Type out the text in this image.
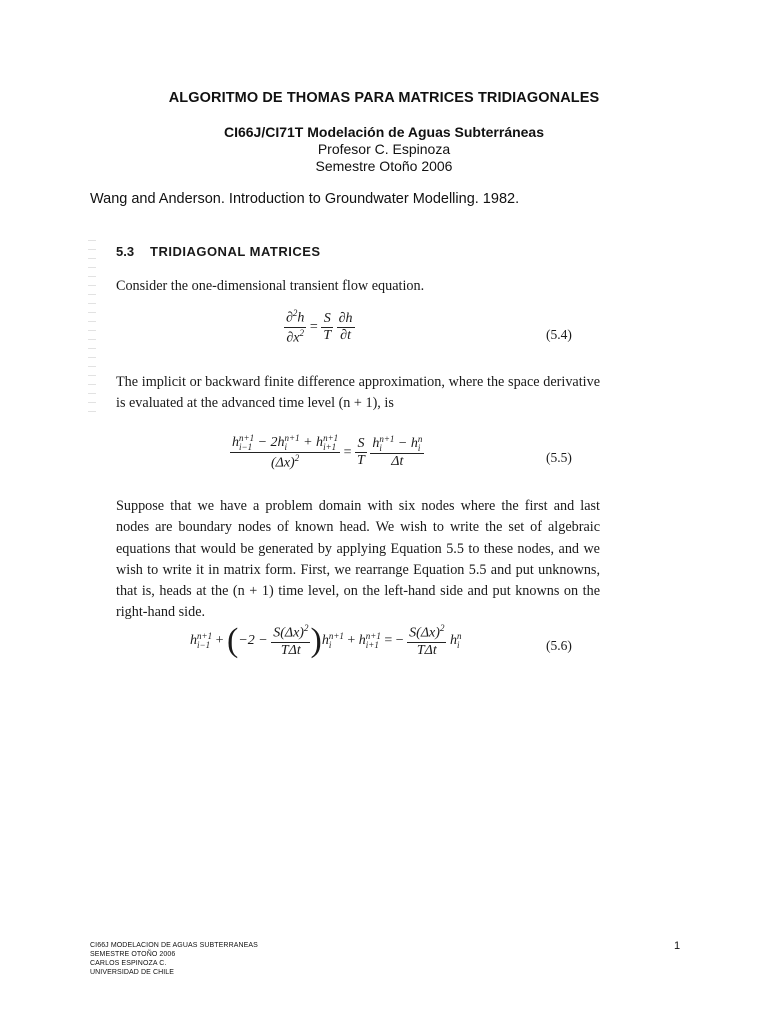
ALGORITMO DE THOMAS PARA MATRICES TRIDIAGONALES
CI66J/CI71T Modelación de Aguas Subterráneas
Profesor C. Espinoza
Semestre Otoño 2006
Wang and Anderson. Introduction to Groundwater Modelling. 1982.
5.3 TRIDIAGONAL MATRICES
Consider the one-dimensional transient flow equation.
$\frac{\partial^2h}{\partial x^2} = \frac{S}{T}$
$\frac{\partial h}{\partial t}$	(5.4)
The implicit or backward finite difference approximation, where the space derivative is evaluated at the advanced time level (n + 1), is
h n+1
i−1 − 2h n+1
i + h n+1
i+1
$(\Delta x)^2 = \frac{S}{T}$
h n+1
i − h n
i
Δt	(5.5)
Suppose that we have a problem domain with six nodes where the first and last nodes are boundary nodes of known head. We wish to write the set of algebraic equations that would be generated by applying Equation 5.5 to these nodes, and we wish to write it in matrix form. First, we rearrange Equation 5.5 and put unknowns, that is, heads at the (n + 1) time level, on the left-hand side and put knowns on the right-hand side.
h n+1
$i-1 + (-2 - \frac{S(\Delta x)^2}{\text{TΔt}} )h$ n+1
i	+ h n+1
i+1 = − $\frac{S(\Delta x)^2}{\text{TΔt}}$ h n
i	(5.6)
CI66J MODELACION DE AGUAS SUBTERRANEAS
SEMESTRE OTOÑO 2006
CARLOS ESPINOZA C.
UNIVERSIDAD DE CHILE
1
